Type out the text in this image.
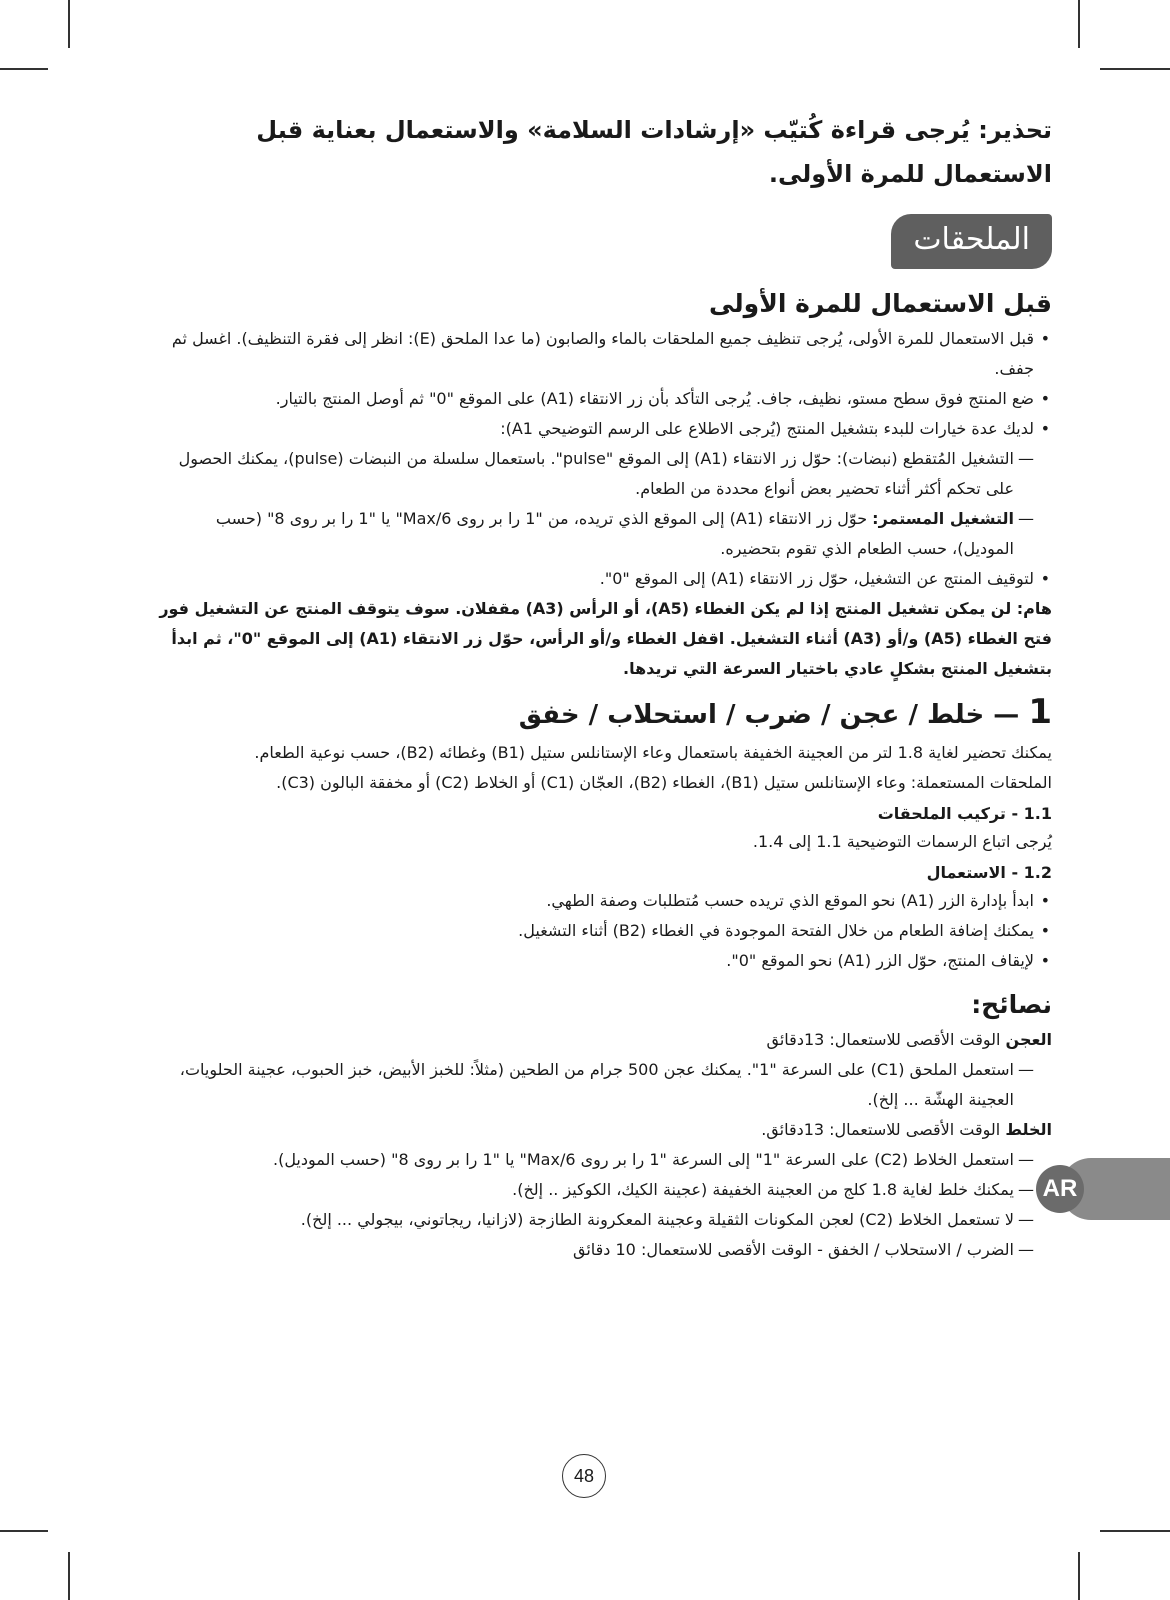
تحذير: يُرجى قراءة كُتيّب «إرشادات السلامة» والاستعمال بعناية قبل الاستعمال للمرة الأولى.
الملحقات
قبل الاستعمال للمرة الأولى
• قبل الاستعمال للمرة الأولى، يُرجى تنظيف جميع الملحقات بالماء والصابون (ما عدا الملحق (E): انظر إلى فقرة التنظيف). اغسل ثم جفف.
• ضع المنتج فوق سطح مستو، نظيف، جاف. يُرجى التأكد بأن زر الانتقاء (A1) على الموقع "0" ثم أوصل المنتج بالتيار.
• لديك عدة خيارات للبدء بتشغيل المنتج (يُرجى الاطلاع على الرسم التوضيحي A1):
— التشغيل المُتقطع (نبضات): حوّل زر الانتقاء (A1) إلى الموقع "pulse". باستعمال سلسلة من النبضات (pulse)، يمكنك الحصول على تحكم أكثر أثناء تحضير بعض أنواع محددة من الطعام.
— التشغيل المستمر: حوّل زر الانتقاء (A1) إلى الموقع الذي تريده، من "1 را بر روی Max/6" یا "1 را بر روی 8" (حسب الموديل)، حسب الطعام الذي تقوم بتحضيره.
• لتوقيف المنتج عن التشغيل، حوّل زر الانتقاء (A1) إلى الموقع "0".
هام: لن يمكن تشغيل المنتج إذا لم يكن الغطاء (A5)، أو الرأس (A3) مقفلان. سوف يتوقف المنتج عن التشغيل فور فتح الغطاء (A5) و/أو (A3) أثناء التشغيل. اقفل الغطاء و/أو الرأس، حوّل زر الانتقاء (A1) إلى الموقع "0"، ثم ابدأ بتشغيل المنتج بشكلٍ عادي باختيار السرعة التي تريدها.
1 — خلط / عجن / ضرب / استحلاب / خفق

يمكنك تحضير لغاية 1.8 لتر من العجينة الخفيفة باستعمال وعاء الإستانلس ستيل (B1) وغطائه (B2)، حسب نوعية الطعام.

الملحقات المستعملة: وعاء الإستانلس ستيل (B1)، الغطاء (B2)، العجّان (C1) أو الخلاط (C2) أو مخفقة البالون (C3).

1.1 - تركيب الملحقات

يُرجى اتباع الرسمات التوضيحية 1.1 إلى 1.4.

1.2 - الاستعمال
• ابدأ بإدارة الزر (A1) نحو الموقع الذي تريده حسب مُتطلبات وصفة الطهي.
• يمكنك إضافة الطعام من خلال الفتحة الموجودة في الغطاء (B2) أثناء التشغيل.
• لإيقاف المنتج، حوّل الزر (A1) نحو الموقع "0".
نصائح:
العجن الوقت الأقصى للاستعمال: 13دقائق
— استعمل الملحق (C1) على السرعة "1". يمكنك عجن 500 جرام من الطحين (مثلاً: للخبز الأبيض، خبز الحبوب، عجينة الحلويات، العجينة الهشّة ... إلخ).
الخلط الوقت الأقصى للاستعمال: 13دقائق.
— استعمل الخلاط (C2) على السرعة "1" إلى السرعة "1 را بر روی Max/6" یا "1 را بر روی 8" (حسب الموديل).
— يمكنك خلط لغاية 1.8 كلج من العجينة الخفيفة (عجينة الكيك، الكوكيز .. إلخ).
— لا تستعمل الخلاط (C2) لعجن المكونات الثقيلة وعجينة المعكرونة الطازجة (لازانيا، ريجاتوني، بيجولي ... إلخ).
— الضرب / الاستحلاب / الخفق - الوقت الأقصى للاستعمال: 10 دقائق
AR
48
